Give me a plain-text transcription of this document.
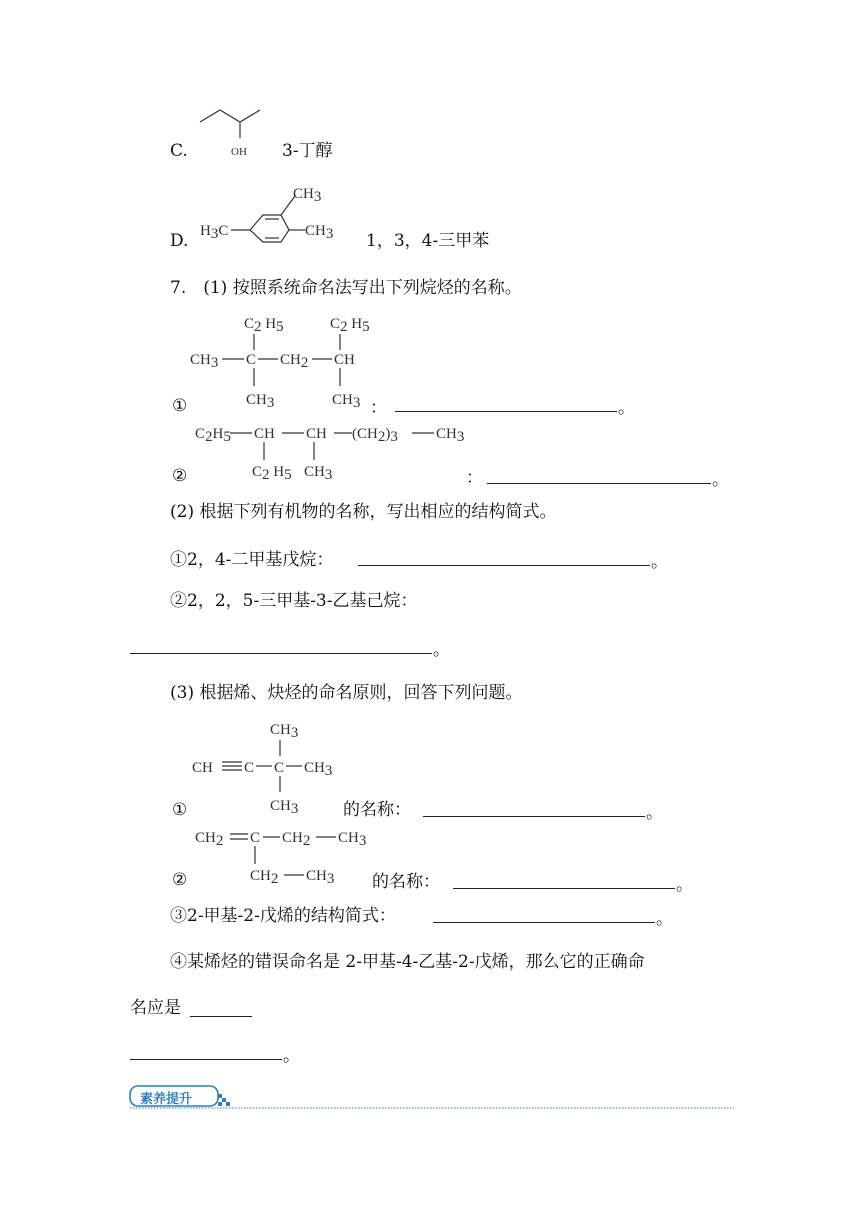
C.	OH 3-丁醇
D. H3C
CH3
CH3 1，3，4-三甲苯
7.　(1) 按照系统命名法写出下列烷烃的名称。
C2 H5	C2 H5
CH3 C CH2 CH
CH3	CH3
①	：	。
C2H5 CH CH (CH2)3	CH3
C2 H5 CH3
②	：	。
(2) 根据下列有机物的名称，写出相应的结构简式。
①2，4-二甲基戊烷：	。
②2，2，5-三甲基-3-乙基己烷：
。
(3) 根据烯、炔烃的命名原则，回答下列问题。
CH3
CH C C CH3
CH3
①	的名称：	。
CH2 C CH2 CH3
CH2 CH3
②	的名称：	。
③2-甲基-2-戊烯的结构简式：	。
④某烯烃的错误命名是 2-甲基-4-乙基-2-戊烯，那么它的正确命
名应是
。
素养提升
